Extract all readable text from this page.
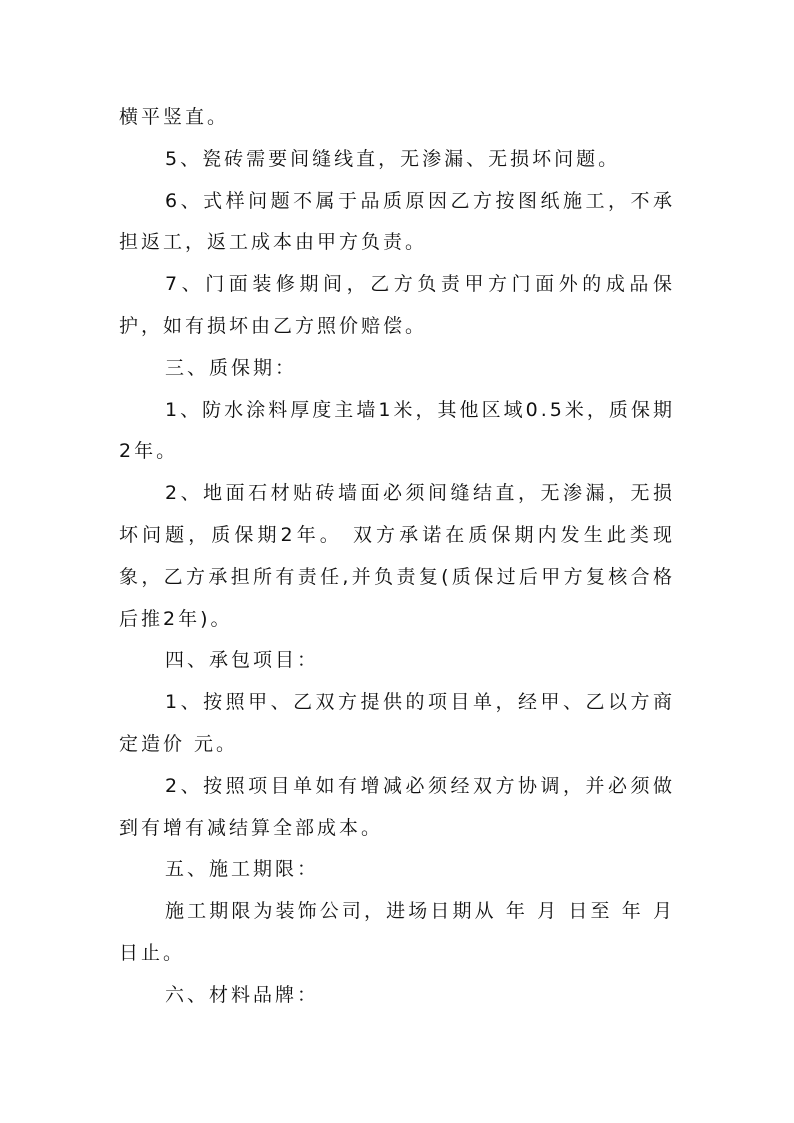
横平竖直。

5、瓷砖需要间缝线直，无渗漏、无损坏问题。

6、式样问题不属于品质原因乙方按图纸施工，不承担返工，返工成本由甲方负责。

7、门面装修期间，乙方负责甲方门面外的成品保护，如有损坏由乙方照价赔偿。

三、质保期：

1、防水涂料厚度主墙1米，其他区域0.5米，质保期2年。

2、地面石材贴砖墙面必须间缝结直，无渗漏，无损坏问题，质保期2年。 双方承诺在质保期内发生此类现象，乙方承担所有责任,并负责复(质保过后甲方复核合格后推2年)。

四、承包项目：

1、按照甲、乙双方提供的项目单，经甲、乙以方商定造价 元。

2、按照项目单如有增减必须经双方协调，并必须做到有增有减结算全部成本。

五、施工期限：

施工期限为装饰公司，进场日期从 年 月 日至 年 月日止。

六、材料品牌：
